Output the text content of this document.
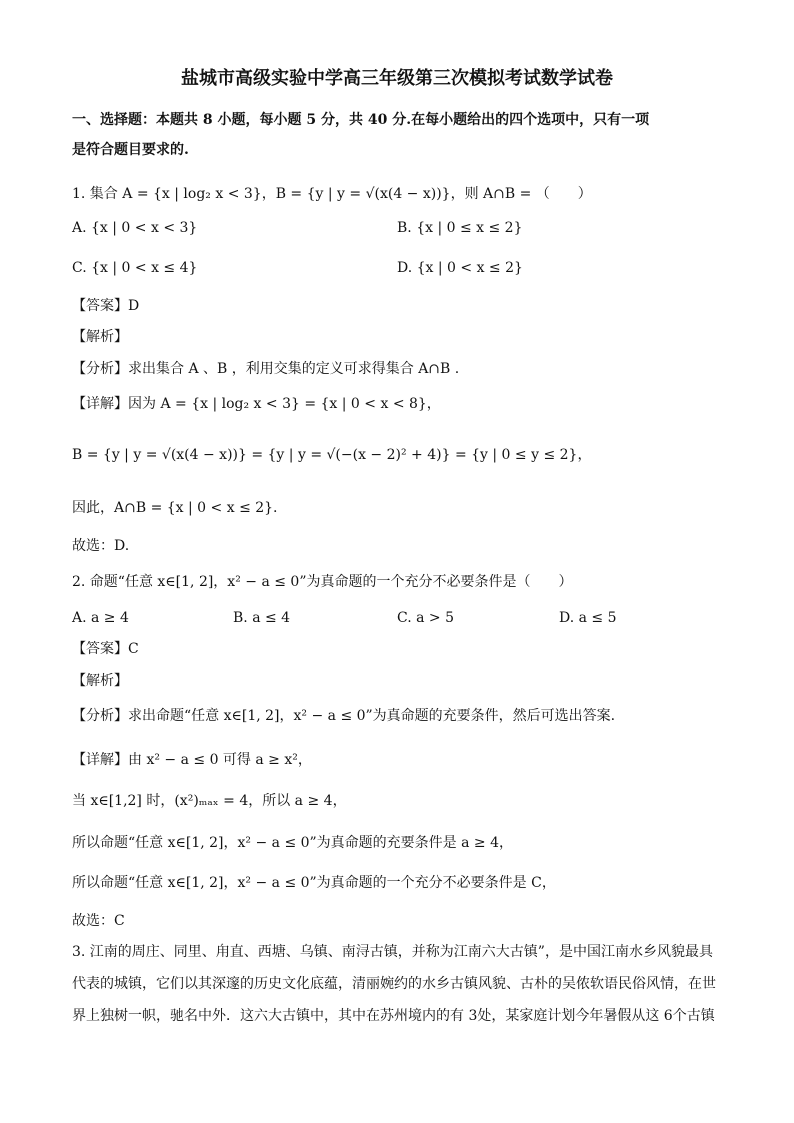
盐城市高级实验中学高三年级第三次模拟考试数学试卷
一、选择题：本题共 8 小题，每小题 5 分，共 40 分.在每小题给出的四个选项中，只有一项
是符合题目要求的.
1. 集合 A = {x | log₂ x < 3}，B = {y | y = √(x(4 − x))}，则 A∩B = （　　）
A. {x | 0 < x < 3}	B. {x | 0 ≤ x ≤ 2}
C. {x | 0 < x ≤ 4}	D. {x | 0 < x ≤ 2}
【答案】D
【解析】
【分析】求出集合 A 、B ，利用交集的定义可求得集合 A∩B .
【详解】因为 A = {x | log₂ x < 3} = {x | 0 < x < 8}，
B = {y | y = √(x(4 − x))} = {y | y = √(−(x − 2)² + 4)} = {y | 0 ≤ y ≤ 2}，
因此，A∩B = {x | 0 < x ≤ 2}.
故选：D.
2. 命题“任意 x∈[1, 2]，x² − a ≤ 0”为真命题的一个充分不必要条件是（　　）
A. a ≥ 4	B. a ≤ 4	C. a > 5	D. a ≤ 5
【答案】C
【解析】
【分析】求出命题“任意 x∈[1, 2]，x² − a ≤ 0”为真命题的充要条件，然后可选出答案.
【详解】由 x² − a ≤ 0 可得 a ≥ x²，
当 x∈[1,2] 时，(x²)ₘₐₓ = 4，所以 a ≥ 4，
所以命题“任意 x∈[1, 2]，x² − a ≤ 0”为真命题的充要条件是 a ≥ 4，
所以命题“任意 x∈[1, 2]，x² − a ≤ 0”为真命题的一个充分不必要条件是 C，
故选：C
3. 江南的周庄、同里、甪直、西塘、乌镇、南浔古镇，并称为江南六大古镇”，是中国江南水乡风貌最具
代表的城镇，它们以其深邃的历史文化底蕴，清丽婉约的水乡古镇风貌、古朴的吴侬软语民俗风情，在世
界上独树一帜，驰名中外．这六大古镇中，其中在苏州境内的有 3处，某家庭计划今年暑假从这 6个古镇
